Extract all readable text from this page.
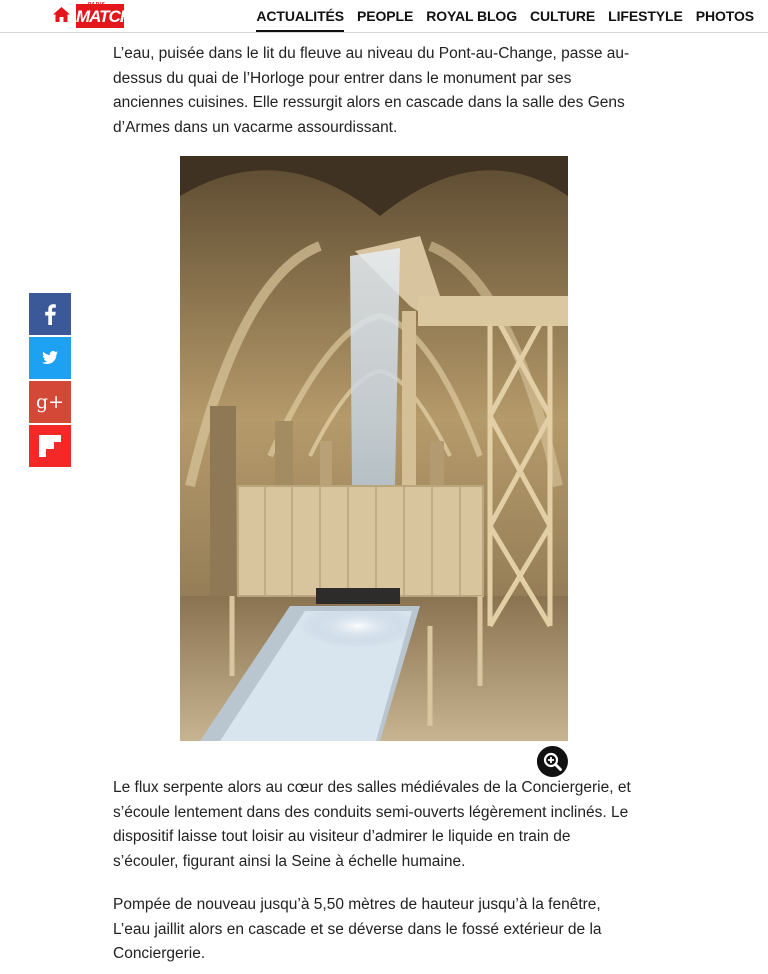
MATCH	ACTUALITÉS PEOPLE ROYAL BLOG CULTURE LIFESTYLE PHOTOS

L’eau, puisée dans le lit du fleuve au niveau du Pont-au-Change, passe au-dessus du quai de l’Horloge pour entrer dans le monument par ses anciennes cuisines. Elle ressurgit alors en cascade dans la salle des Gens d’Armes dans un vacarme assourdissant.

Le flux serpente alors au cœur des salles médiévales de la Conciergerie, et s’écoule lentement dans des conduits semi-ouverts légèrement inclinés. Le dispositif laisse tout loisir au visiteur d’admirer le liquide en train de s’écouler, figurant ainsi la Seine à échelle humaine.

Pompée de nouveau jusqu’à 5,50 mètres de hauteur jusqu’à la fenêtre, L’eau jaillit alors en cascade et se déverse dans le fossé extérieur de la Conciergerie.

g+
